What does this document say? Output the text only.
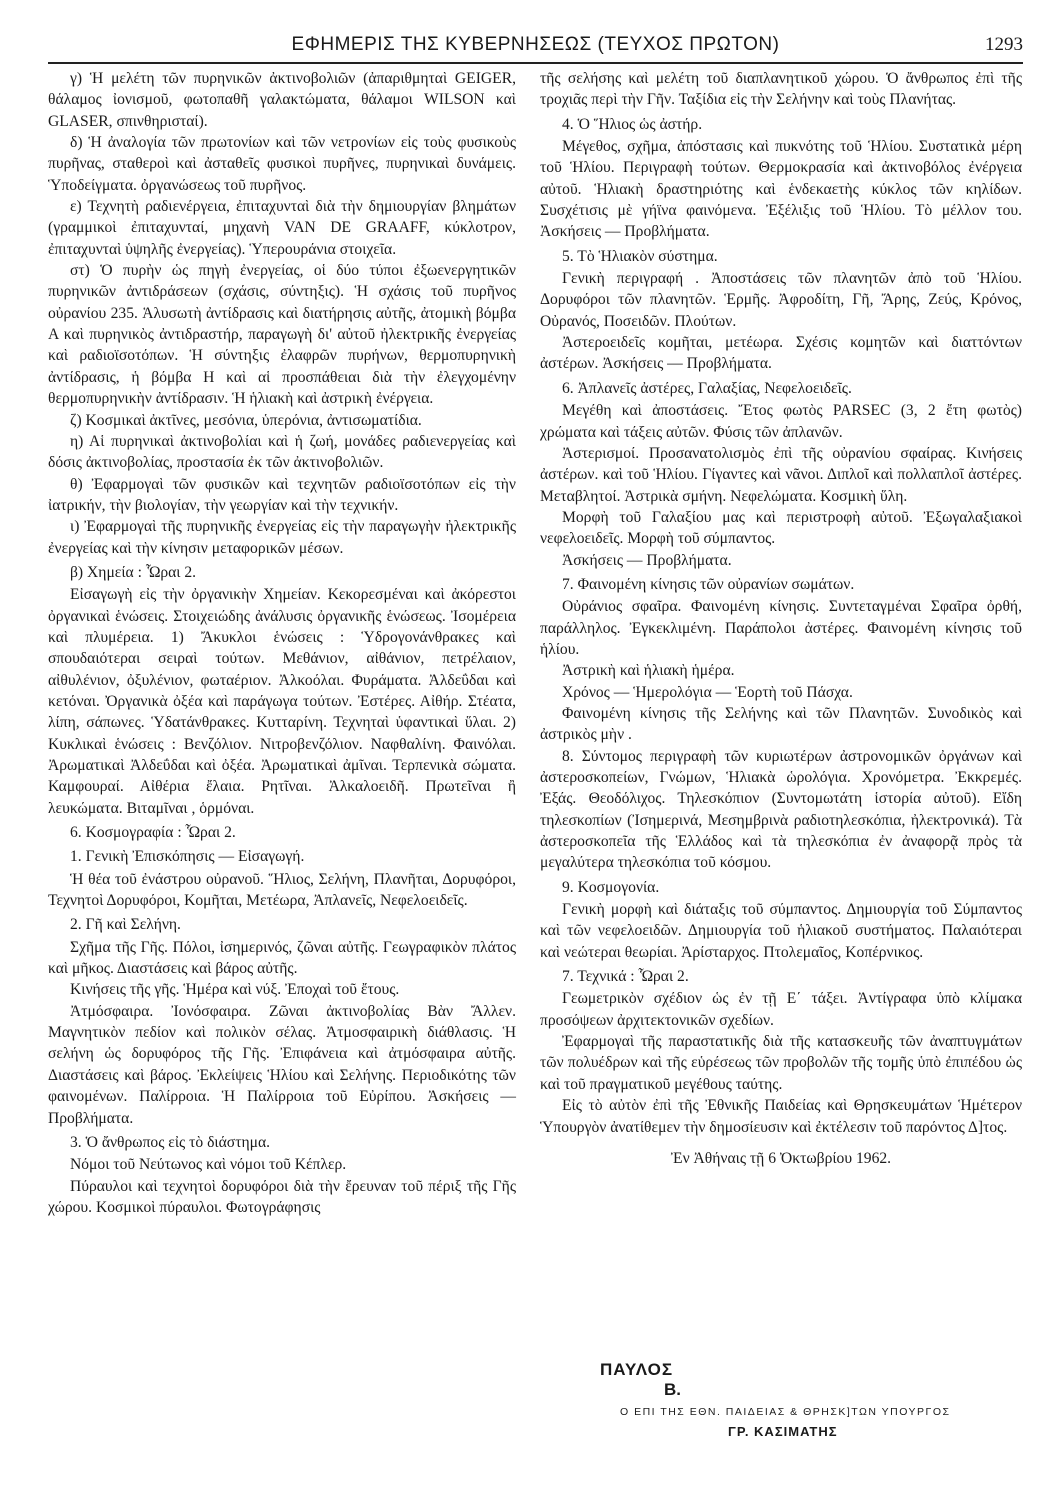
ΕΦΗΜΕΡΙΣ ΤΗΣ ΚΥΒΕΡΝΗΣΕΩΣ (ΤΕΥΧΟΣ ΠΡΩΤΟΝ)	1293

γ) Ἡ μελέτη τῶν πυρηνικῶν ἀκτινοβολιῶν (ἀπαριθμηταὶ GEIGER, θάλαμος ἰονισμοῦ, φωτοπαθῆ γαλακτώματα, θάλαμοι WILSON καὶ GLASER, σπινθηρισταί).

δ) Ἡ ἀναλογία τῶν πρωτονίων καὶ τῶν νετρονίων εἰς τοὺς φυσικοὺς πυρῆνας, σταθεροὶ καὶ ἀσταθεῖς φυσικοὶ πυρῆνες, πυρηνικαὶ δυνάμεις. Ὑποδείγματα. ὀργανώσεως τοῦ πυρῆνος.

ε) Τεχνητὴ ραδιενέργεια, ἐπιταχυνταὶ διὰ τὴν δημιουργίαν βλημάτων (γραμμικοὶ ἐπιταχυνταί, μηχανὴ VAN DE GRAAFF, κύκλοτρον, ἐπιταχυνταὶ ὑψηλῆς ἐνεργείας). Ὑπερουράνια στοιχεῖα.

στ) Ὁ πυρὴν ὡς πηγὴ ἐνεργείας, οἱ δύο τύποι ἐξωενεργητικῶν πυρηνικῶν ἀντιδράσεων (σχάσις, σύντηξις). Ἡ σχάσις τοῦ πυρῆνος οὐρανίου 235. Ἁλυσωτὴ ἀντίδρασις καὶ διατήρησις αὐτῆς, ἀτομικὴ βόμβα Α καὶ πυρηνικὸς ἀντιδραστήρ, παραγωγὴ δι' αὐτοῦ ἠλεκτρικῆς ἐνεργείας καὶ ραδιοϊσοτόπων. Ἡ σύντηξις ἐλαφρῶν πυρήνων, θερμοπυρηνικὴ ἀντίδρασις, ἡ βόμβα Η καὶ αἱ προσπάθειαι διὰ τὴν ἐλεγχομένην θερμοπυρηνικὴν ἀντίδρασιν. Ἡ ἡλιακὴ καὶ ἀστρικὴ ἐνέργεια.

ζ) Κοσμικαὶ ἀκτῖνες, μεσόνια, ὑπερόνια, ἀντισωματίδια.

η) Αἱ πυρηνικαὶ ἀκτινοβολίαι καὶ ἡ ζωή, μονάδες ραδιενεργείας καὶ δόσις ἀκτινοβολίας, προστασία ἐκ τῶν ἀκτινοβολιῶν.

θ) Ἐφαρμογαὶ τῶν φυσικῶν καὶ τεχνητῶν ραδιοϊσοτόπων εἰς τὴν ἰατρικήν, τὴν βιολογίαν, τὴν γεωργίαν καὶ τὴν τεχνικήν.

ι) Ἐφαρμογαὶ τῆς πυρηνικῆς ἐνεργείας εἰς τὴν παραγωγὴν ἠλεκτρικῆς ἐνεργείας καὶ τὴν κίνησιν μεταφορικῶν μέσων.

β) Χημεία : Ὧραι 2.

Εἰσαγωγὴ εἰς τὴν ὀργανικὴν Χημείαν. Κεκορεσμέναι καὶ ἀκόρεστοι ὀργανικαὶ ἑνώσεις. Στοιχειώδης ἀνάλυσις ὀργανικῆς ἑνώσεως. Ἰσομέρεια καὶ πλυμέρεια. 1) Ἄκυκλοι ἑνώσεις : Ὑδρογονάνθρακες καὶ σπουδαιότεραι σειραὶ τούτων. Μεθάνιον, αἰθάνιον, πετρέλαιον, αἰθυλένιον, ὀξυλένιον, φωταέριον. Ἀλκοόλαι. Φυράματα. Ἀλδεΰδαι καὶ κετόναι. Ὀργανικὰ ὀξέα καὶ παράγωγα τούτων. Ἐστέρες. Αἰθήρ. Στέατα, λίπη, σάπωνες. Ὑδατάνθρακες. Κυτταρίνη. Τεχνηταὶ ὑφαντικαὶ ὕλαι. 2) Κυκλικαὶ ἑνώσεις : Βενζόλιον. Νιτροβενζόλιον. Ναφθαλίνη. Φαινόλαι. Ἀρωματικαὶ Ἀλδεΰδαι καὶ ὀξέα. Ἀρωματικαὶ ἀμῖναι. Τερπενικὰ σώματα. Καμφουραί. Αἰθέρια ἔλαια. Ρητῖναι. Ἀλκαλοειδῆ. Πρωτεῖναι ἢ λευκώματα. Βιταμῖναι , ὁρμόναι.

6. Κοσμογραφία : Ὧραι 2.

1. Γενικὴ Ἐπισκόπησις — Εἰσαγωγή.

Ἡ θέα τοῦ ἐνάστρου οὐρανοῦ. Ἥλιος, Σελήνη, Πλανῆται, Δορυφόροι, Τεχνητοὶ Δορυφόροι, Κομῆται, Μετέωρα, Ἀπλανεῖς, Νεφελοειδεῖς.

2. Γῆ καὶ Σελήνη.

Σχῆμα τῆς Γῆς. Πόλοι, ἰσημερινός, ζῶναι αὐτῆς. Γεωγραφικὸν πλάτος καὶ μῆκος. Διαστάσεις καὶ βάρος αὐτῆς.

Κινήσεις τῆς γῆς. Ἡμέρα καὶ νύξ. Ἐποχαὶ τοῦ ἔτους.

Ἀτμόσφαιρα. Ἰονόσφαιρα. Ζῶναι ἀκτινοβολίας Βὰν Ἄλλεν. Μαγνητικὸν πεδίον καὶ πολικὸν σέλας. Ἀτμοσφαιρικὴ διάθλασις. Ἡ σελήνη ὡς δορυφόρος τῆς Γῆς. Ἐπιφάνεια καὶ ἀτμόσφαιρα αὐτῆς. Διαστάσεις καὶ βάρος. Ἐκλείψεις Ἡλίου καὶ Σελήνης. Περιοδικότης τῶν φαινομένων. Παλίρροια. Ἡ Παλίρροια τοῦ Εὐρίπου. Ἀσκήσεις — Προβλήματα.

3. Ὁ ἄνθρωπος εἰς τὸ διάστημα.

Νόμοι τοῦ Νεύτωνος καὶ νόμοι τοῦ Κέπλερ.

Πύραυλοι καὶ τεχνητοὶ δορυφόροι διὰ τὴν ἔρευναν τοῦ πέριξ τῆς Γῆς χώρου. Κοσμικοὶ πύραυλοι. Φωτογράφησις

τῆς σελήσης καὶ μελέτη τοῦ διαπλανητικοῦ χώρου. Ὁ ἄνθρωπος ἐπὶ τῆς τροχιᾶς περὶ τὴν Γῆν. Ταξίδια εἰς τὴν Σελήνην καὶ τοὺς Πλανήτας.

4. Ὁ Ἥλιος ὡς ἀστήρ.

Μέγεθος, σχῆμα, ἀπόστασις καὶ πυκνότης τοῦ Ἡλίου. Συστατικὰ μέρη τοῦ Ἡλίου. Περιγραφὴ τούτων. Θερμοκρασία καὶ ἀκτινοβόλος ἐνέργεια αὐτοῦ. Ἡλιακὴ δραστηριότης καὶ ἑνδεκαετὴς κύκλος τῶν κηλίδων. Συσχέτισις μὲ γήϊνα φαινόμενα. Ἐξέλιξις τοῦ Ἡλίου. Τὸ μέλλον του. Ἀσκήσεις — Προβλήματα.

5. Τὸ Ἡλιακὸν σύστημα.

Γενικὴ περιγραφή . Ἀποστάσεις τῶν πλανητῶν ἀπὸ τοῦ Ἡλίου. Δορυφόροι τῶν πλανητῶν. Ἑρμῆς. Ἀφροδίτη, Γῆ, Ἄρης, Ζεύς, Κρόνος, Οὐρανός, Ποσειδῶν. Πλούτων.

Ἀστεροειδεῖς κομῆται, μετέωρα. Σχέσις κομητῶν καὶ διαττόντων ἀστέρων. Ἀσκήσεις — Προβλήματα.

6. Ἀπλανεῖς ἀστέρες, Γαλαξίας, Νεφελοειδεῖς.

Μεγέθη καὶ ἀποστάσεις. Ἔτος φωτὸς PARSEC (3, 2 ἔτη φωτὸς) χρώματα καὶ τάξεις αὐτῶν. Φύσις τῶν ἀπλανῶν.

Ἀστερισμοί. Προσανατολισμὸς ἐπὶ τῆς οὐρανίου σφαίρας. Κινήσεις ἀστέρων. καὶ τοῦ Ἡλίου. Γίγαντες καὶ νᾶνοι. Διπλοῖ καὶ πολλαπλοῖ ἀστέρες. Μεταβλητοί. Ἀστρικὰ σμήνη. Νεφελώματα. Κοσμικὴ ὕλη.

Μορφὴ τοῦ Γαλαξίου μας καὶ περιστροφὴ αὐτοῦ. Ἐξωγαλαξιακοὶ νεφελοειδεῖς. Μορφὴ τοῦ σύμπαντος.

Ἀσκήσεις — Προβλήματα.

7. Φαινομένη κίνησις τῶν οὐρανίων σωμάτων.

Οὐράνιος σφαῖρα. Φαινομένη κίνησις. Συντεταγμέναι Σφαῖρα ὀρθή, παράλληλος. Ἐγκεκλιμένη. Παράπολοι ἀστέρες. Φαινομένη κίνησις τοῦ ἡλίου.

Ἀστρικὴ καὶ ἡλιακὴ ἡμέρα.

Χρόνος — Ἡμερολόγια — Ἑορτὴ τοῦ Πάσχα.

Φαινομένη κίνησις τῆς Σελήνης καὶ τῶν Πλανητῶν. Συνοδικὸς καὶ ἀστρικὸς μὴν .

8. Σύντομος περιγραφὴ τῶν κυριωτέρων ἀστρονομικῶν ὀργάνων καὶ ἀστεροσκοπείων, Γνώμων, Ἡλιακὰ ὡρολόγια. Χρονόμετρα. Ἐκκρεμές. Ἐξάς. Θεοδόλιχος. Τηλεσκόπιον (Συντομωτάτη ἱστορία αὐτοῦ). Εἴδη τηλεσκοπίων (Ἰσημερινά, Μεσημβρινὰ ραδιοτηλεσκόπια, ἠλεκτρονικά). Τὰ ἀστεροσκοπεῖα τῆς Ἑλλάδος καὶ τὰ τηλεσκόπια ἐν ἀναφορᾷ πρὸς τὰ μεγαλύτερα τηλεσκόπια τοῦ κόσμου.

9. Κοσμογονία.

Γενικὴ μορφὴ καὶ διάταξις τοῦ σύμπαντος. Δημιουργία τοῦ Σύμπαντος καὶ τῶν νεφελοειδῶν. Δημιουργία τοῦ ἡλιακοῦ συστήματος. Παλαιότεραι καὶ νεώτεραι θεωρίαι. Ἀρίσταρχος. Πτολεμαῖος, Κοπέρνικος.

7. Τεχνικά : Ὧραι 2.

Γεωμετρικὸν σχέδιον ὡς ἐν τῇ Ε΄ τάξει. Ἀντίγραφα ὑπὸ κλίμακα προσόψεων ἀρχιτεκτονικῶν σχεδίων.

Ἐφαρμογαὶ τῆς παραστατικῆς διὰ τῆς κατασκευῆς τῶν ἀναπτυγμάτων τῶν πολυέδρων καὶ τῆς εὑρέσεως τῶν προβολῶν τῆς τομῆς ὑπὸ ἐπιπέδου ὡς καὶ τοῦ πραγματικοῦ μεγέθους ταύτης.

Εἰς τὸ αὐτὸν ἐπὶ τῆς Ἐθνικῆς Παιδείας καὶ Θρησκευμάτων Ἡμέτερον Ὑπουργὸν ἀνατίθεμεν τὴν δημοσίευσιν καὶ ἐκτέλεσιν τοῦ παρόντος Δ]τος.

Ἐν Ἀθήναις τῇ 6 Ὀκτωβρίου 1962.

ΠΑΥΛΟΣ
Β.
Ο ΕΠΙ ΤΗΣ ΕΘΝ. ΠΑΙΔΕΙΑΣ & ΘΡΗΣΚ]ΤΩΝ ΥΠΟΥΡΓΟΣ
ΓΡ. ΚΑΣΙΜΑΤΗΣ
